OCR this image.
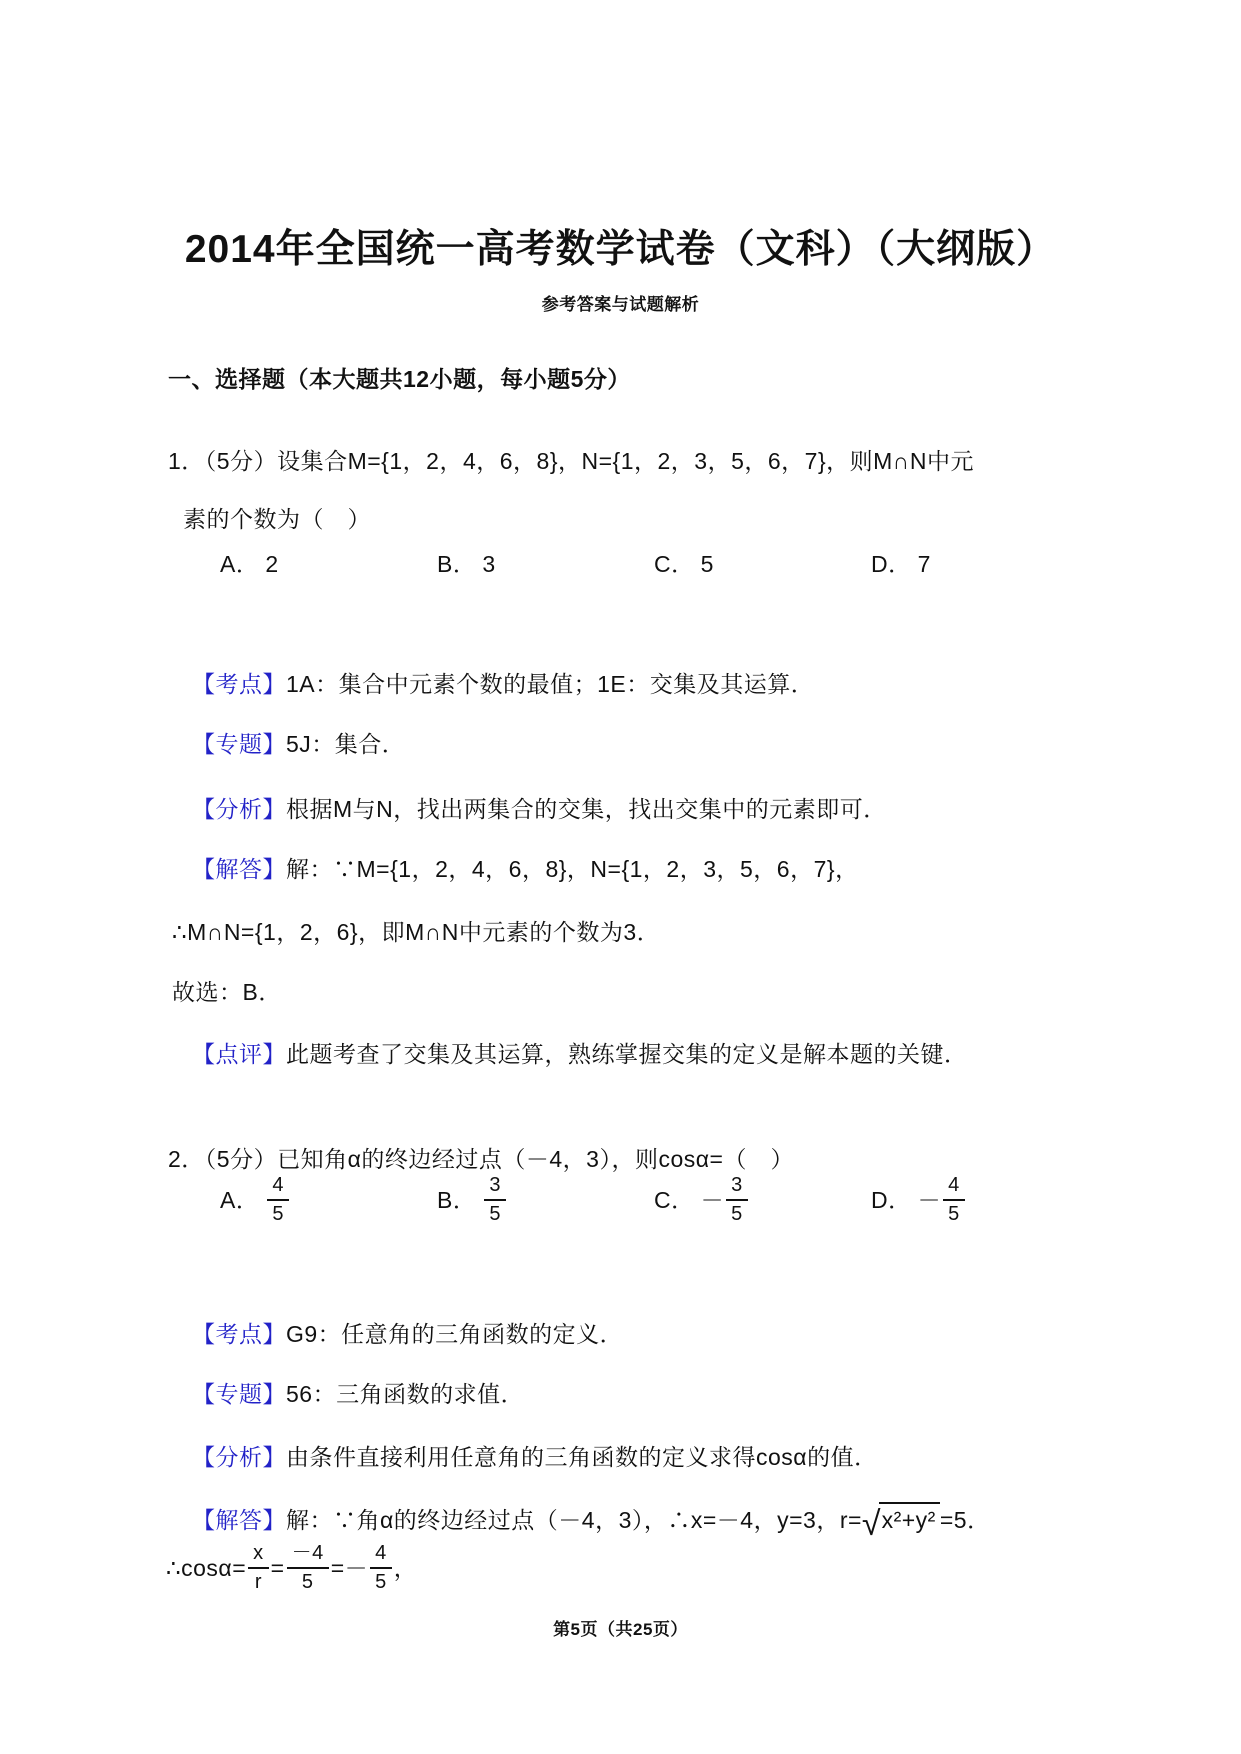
2014年全国统一高考数学试卷（文科）（大纲版）
参考答案与试题解析
一、选择题（本大题共12小题，每小题5分）

1．（5分）设集合M={1，2，4，6，8}，N={1，2，3，5，6，7}，则M∩N中元

素的个数为（　）

A． 2	B． 3	C． 5	D． 7

【考点】1A：集合中元素个数的最值；1E：交集及其运算．

【专题】5J：集合．

【分析】根据M与N，找出两集合的交集，找出交集中的元素即可．

【解答】解：∵M={1，2，4，6，8}，N={1，2，3，5，6，7}，

∴M∩N={1，2，6}，即M∩N中元素的个数为3．

故选：B．

【点评】此题考查了交集及其运算，熟练掌握交集的定义是解本题的关键．

2．（5分）已知角α的终边经过点（－4，3），则cosα=（　）

A． $\frac{4}{5}$	B． $\frac{3}{5}$	C． － $\frac{3}{5}$	D． － $\frac{4}{5}$

【考点】G9：任意角的三角函数的定义．

【专题】56：三角函数的求值．

【分析】由条件直接利用任意角的三角函数的定义求得cosα的值．

【解答】解：∵角α的终边经过点（－4，3），∴x=－4，y=3，r=√ x²+y² =5．

∴cosα= $\frac{x}{r} = \frac{-4}{5} =- \frac{4}{5}$ ，

第5页（共25页）
